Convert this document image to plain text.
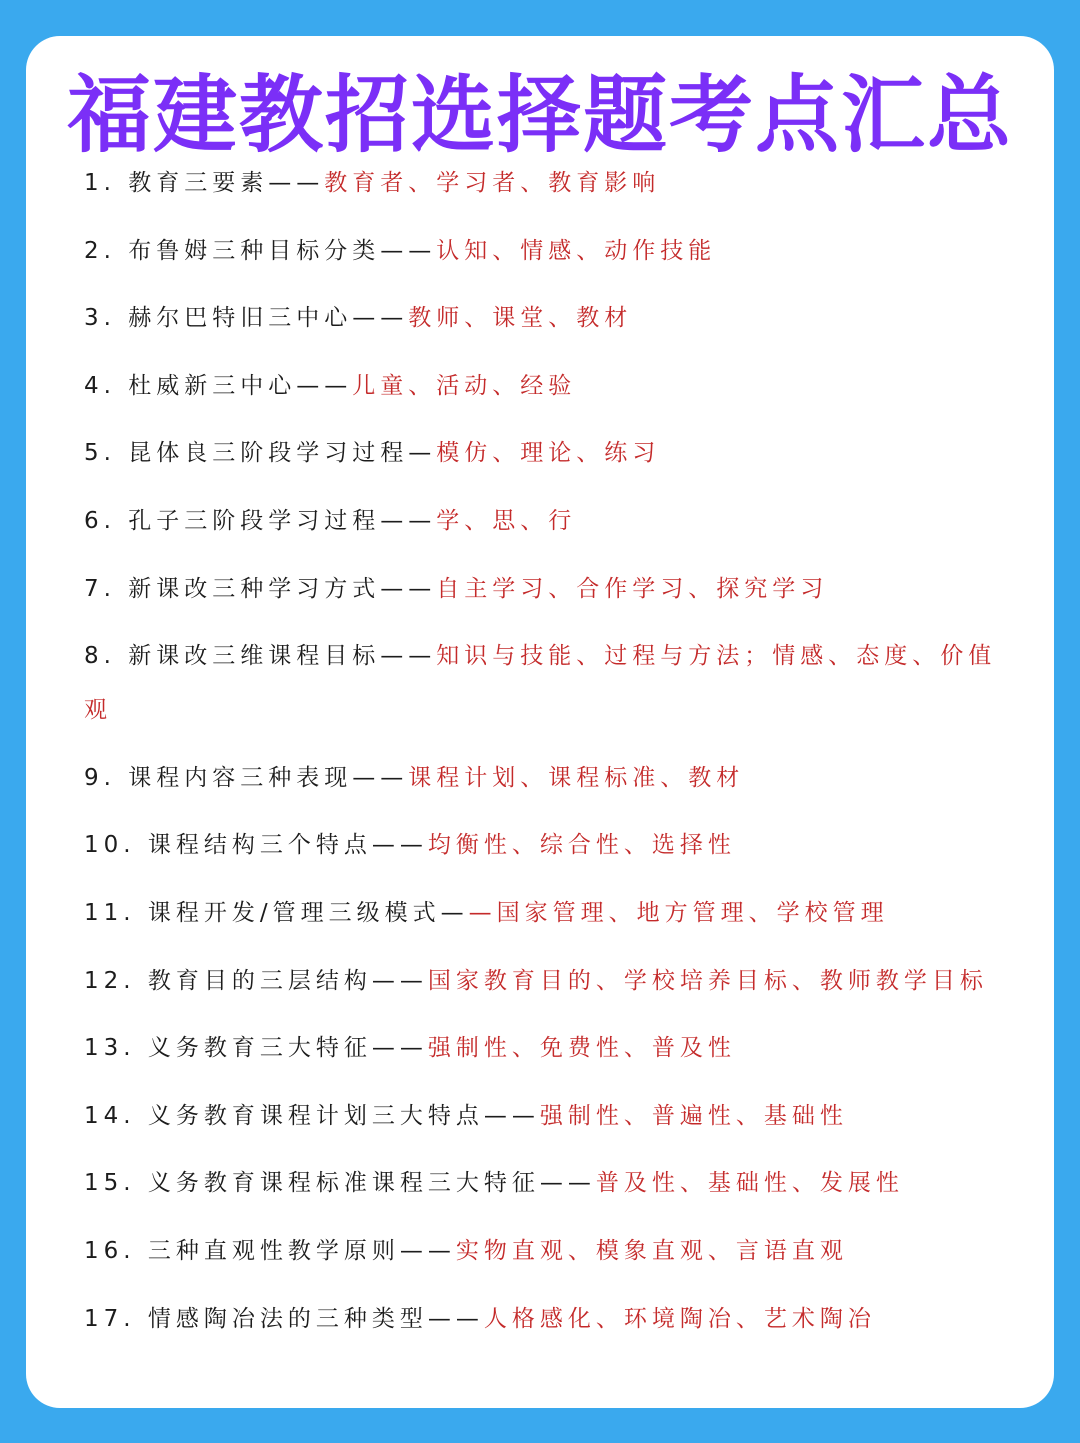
福建教招选择题考点汇总
1. 教育三要素——教育者、学习者、教育影响
2. 布鲁姆三种目标分类——认知、情感、动作技能
3. 赫尔巴特旧三中心——教师、课堂、教材
4. 杜威新三中心——儿童、活动、经验
5. 昆体良三阶段学习过程—模仿、理论、练习
6. 孔子三阶段学习过程——学、思、行
7. 新课改三种学习方式——自主学习、合作学习、探究学习
8. 新课改三维课程目标——知识与技能、过程与方法；情感、态度、价值观
9. 课程内容三种表现——课程计划、课程标准、教材
10. 课程结构三个特点——均衡性、综合性、选择性
11. 课程开发/管理三级模式——国家管理、地方管理、学校管理
12. 教育目的三层结构——国家教育目的、学校培养目标、教师教学目标
13. 义务教育三大特征——强制性、免费性、普及性
14. 义务教育课程计划三大特点——强制性、普遍性、基础性
15. 义务教育课程标准课程三大特征——普及性、基础性、发展性
16. 三种直观性教学原则——实物直观、模象直观、言语直观
17. 情感陶冶法的三种类型——人格感化、环境陶冶、艺术陶冶
